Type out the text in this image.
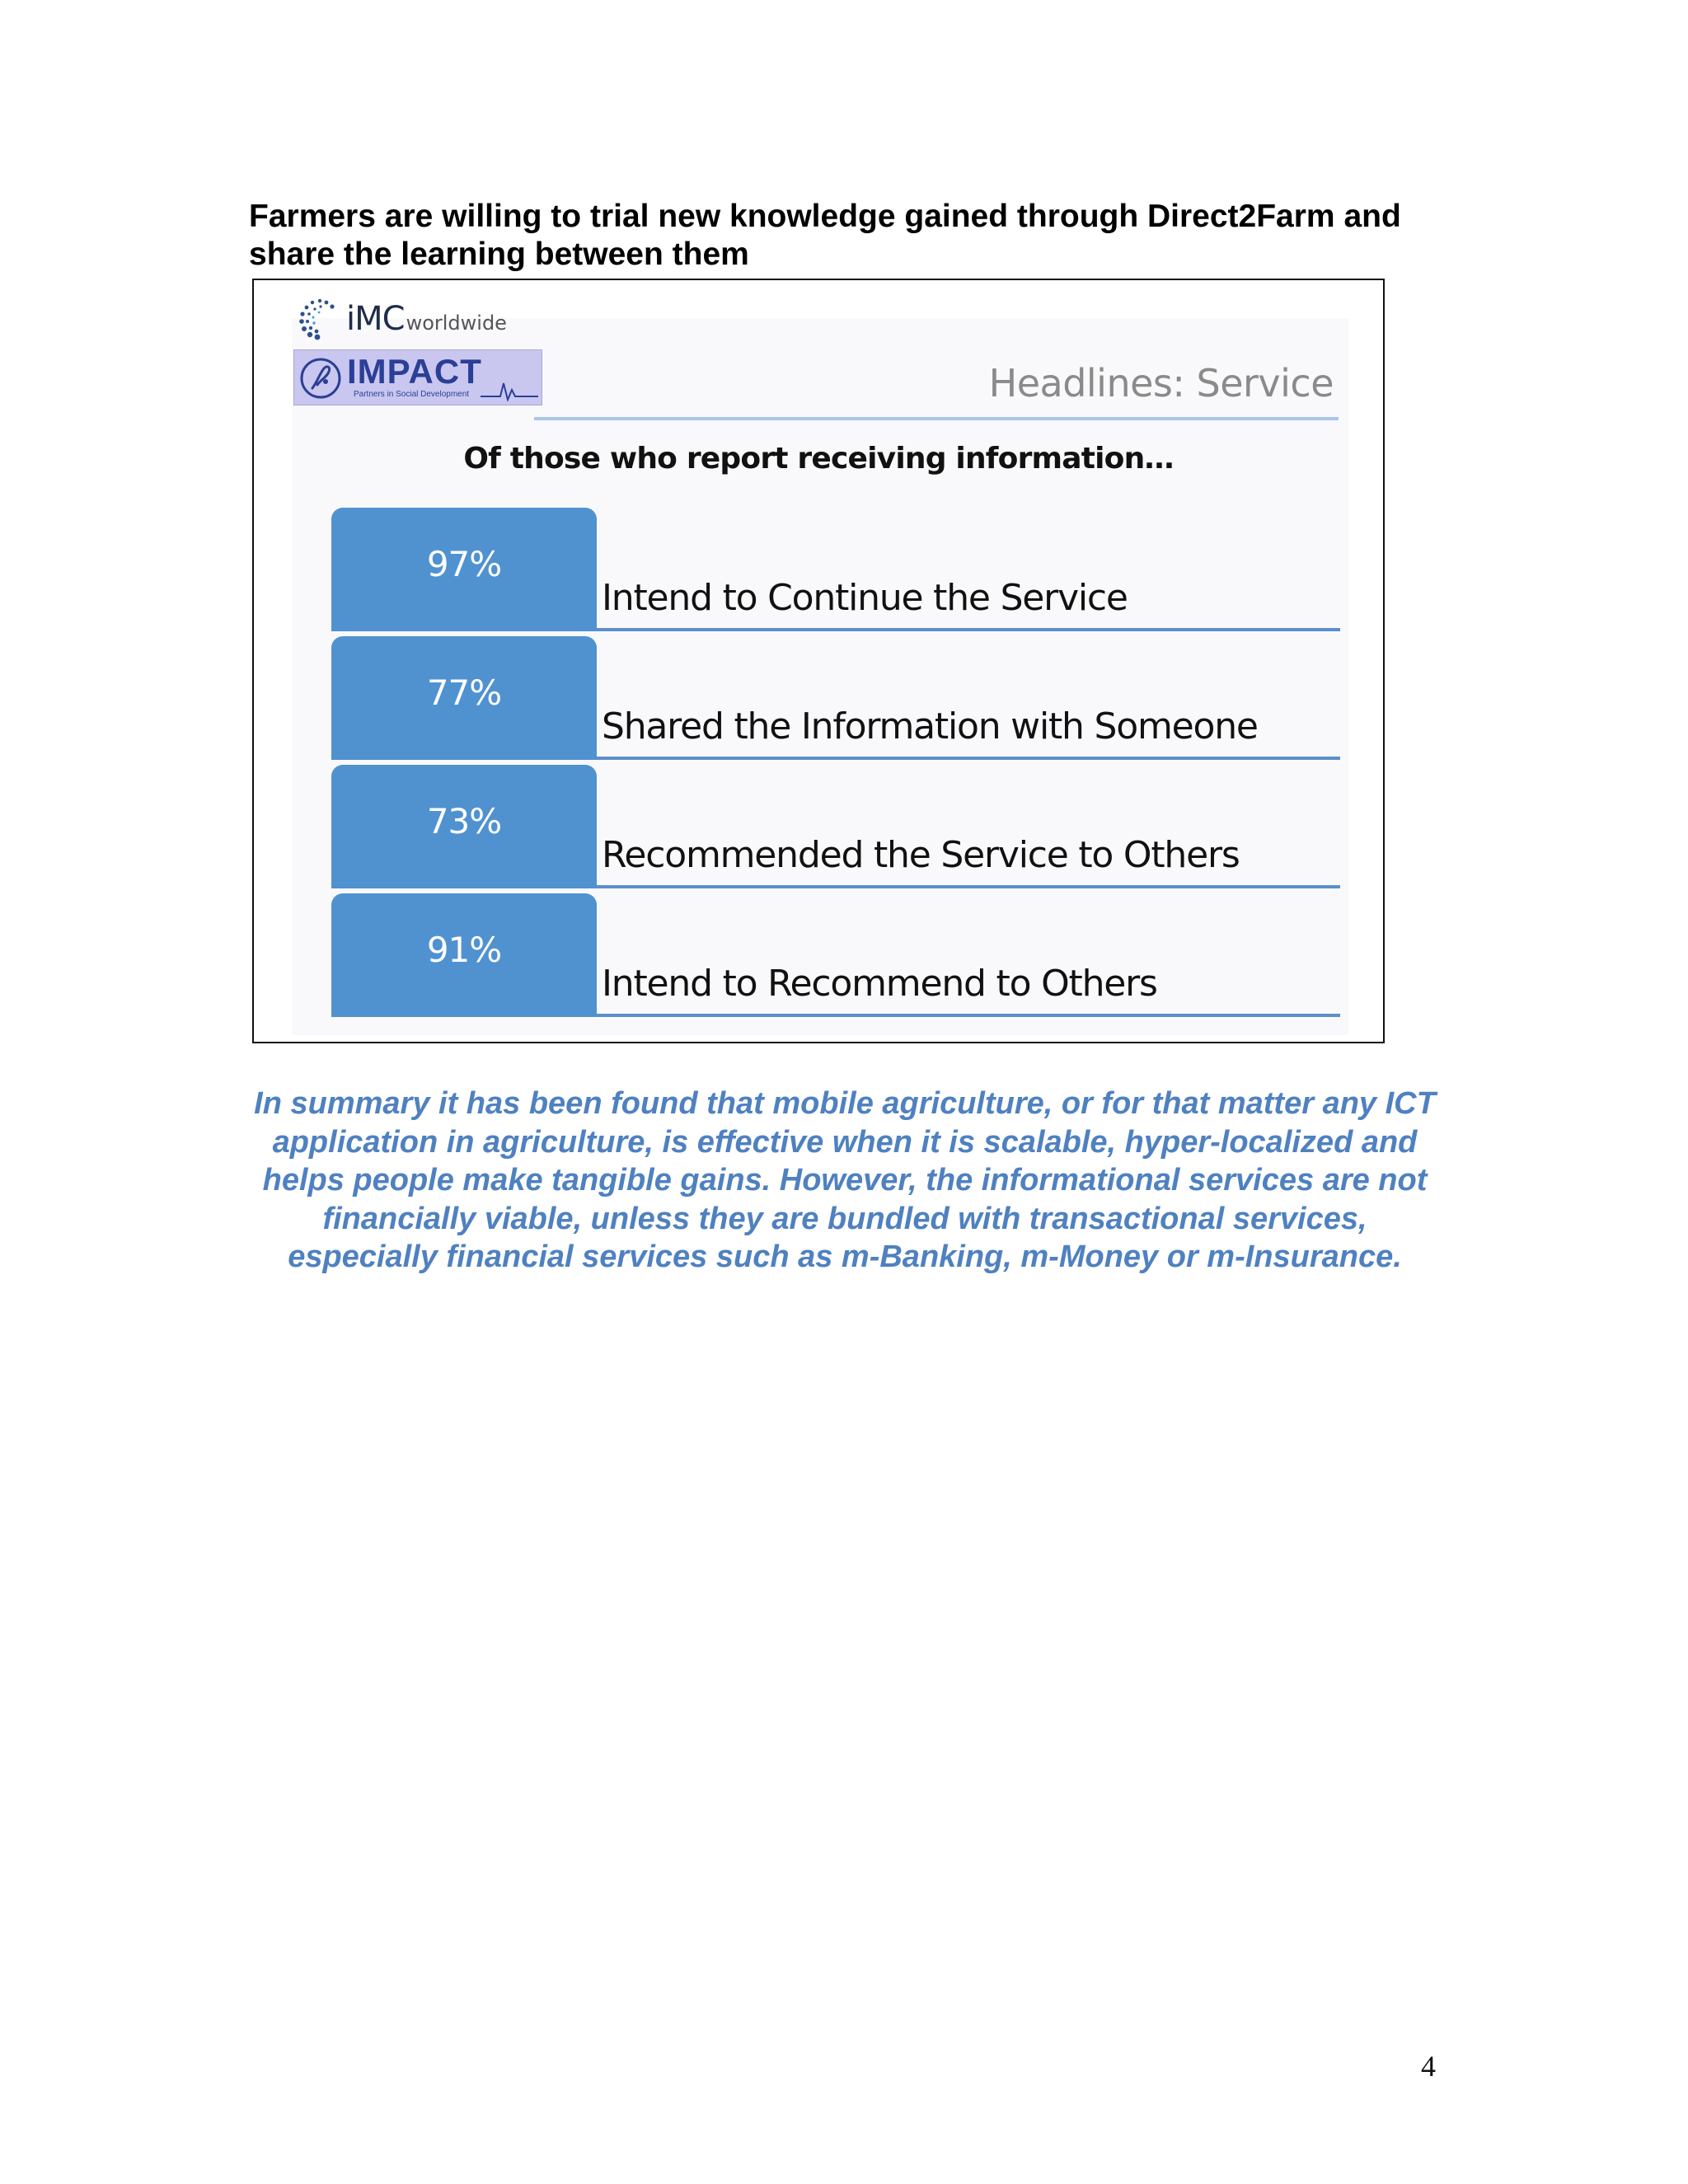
Farmers are willing to trial new knowledge gained through Direct2Farm and share the learning between them
iMCworldwide
IMPACT
Partners in Social Development	Headlines: Service
Of those who report receiving information…
97%
Intend to Continue the Service
77%
Shared the Information with Someone
73%
Recommended the Service to Others
91%
Intend to Recommend to Others

In summary it has been found that mobile agriculture, or for that matter any ICT application in agriculture, is effective when it is scalable, hyper-localized and helps people make tangible gains. However, the informational services are not financially viable, unless they are bundled with transactional services, especially financial services such as m-Banking, m-Money or m-Insurance.

4
